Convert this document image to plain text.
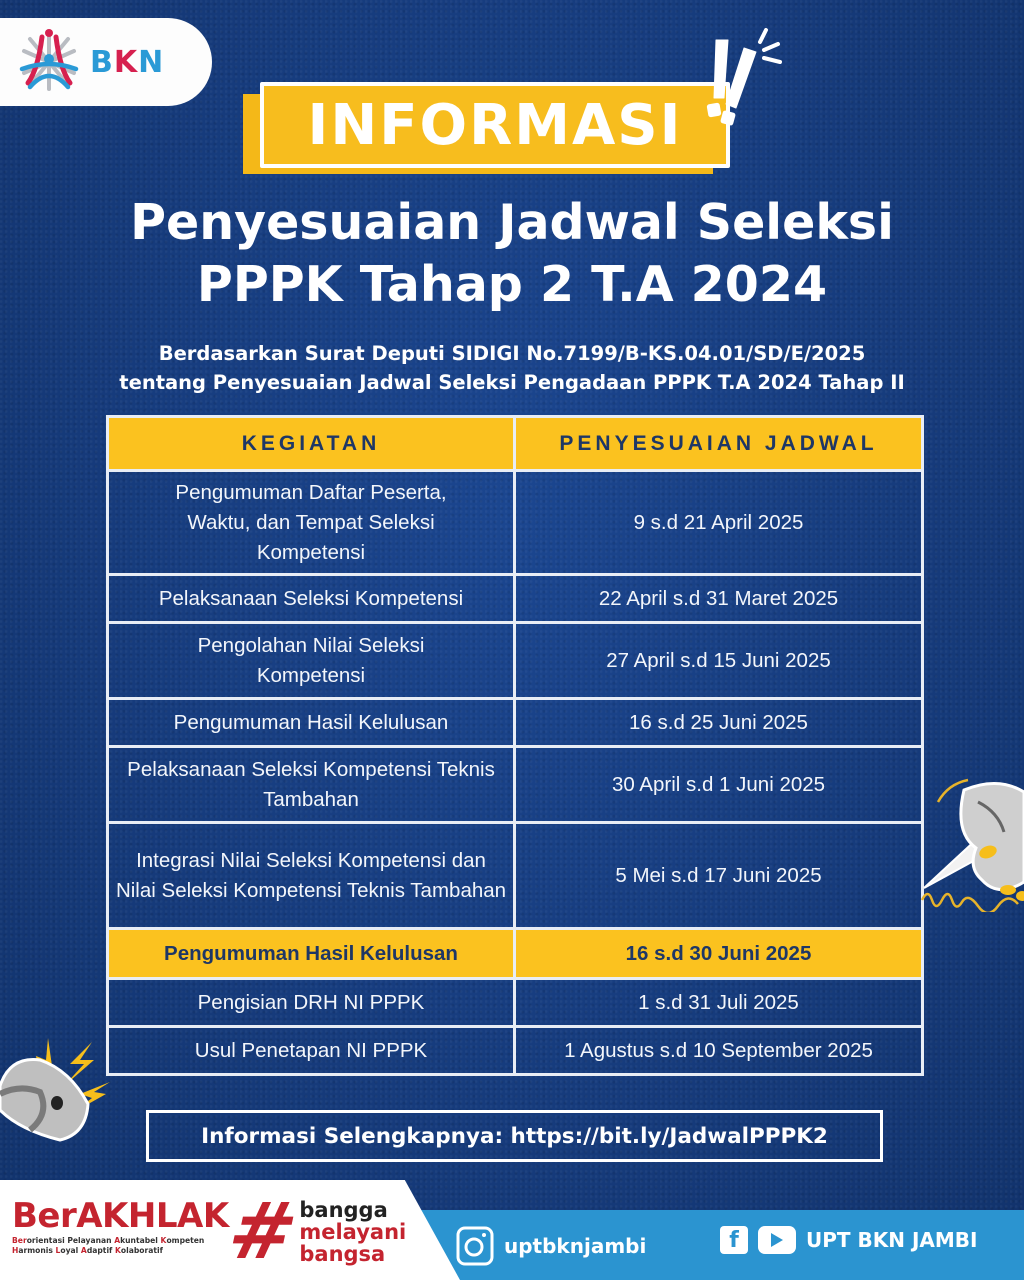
BKN
INFORMASI
Penyesuaian Jadwal Seleksi
PPPK Tahap 2 T.A 2024
Berdasarkan Surat Deputi SIDIGI No.7199/B-KS.04.01/SD/E/2025
tentang Penyesuaian Jadwal Seleksi Pengadaan PPPK T.A 2024 Tahap II
KEGIATAN	PENYESUAIAN JADWAL
Pengumuman Daftar Peserta, Waktu, dan Tempat Seleksi Kompetensi	9 s.d 21 April 2025
Pelaksanaan Seleksi Kompetensi	22 April s.d 31 Maret 2025
Pengolahan Nilai Seleksi Kompetensi	27 April s.d 15 Juni 2025
Pengumuman Hasil Kelulusan	16 s.d 25 Juni 2025
Pelaksanaan Seleksi Kompetensi Teknis Tambahan	30 April s.d 1 Juni 2025
Integrasi Nilai Seleksi Kompetensi dan Nilai Seleksi Kompetensi Teknis Tambahan	5 Mei s.d 17 Juni 2025
Pengumuman Hasil Kelulusan	16 s.d 30 Juni 2025
Pengisian DRH NI PPPK	1 s.d 31 Juli 2025
Usul Penetapan NI PPPK	1 Agustus s.d 10 September 2025
Informasi Selengkapnya: https://bit.ly/JadwalPPPK2
BerAKHLAK
Berorientasi Pelayanan Akuntabel Kompeten
Harmonis Loyal Adaptif Kolaboratif #
bangga
melayani
bangsa	uptbknjambi	f	UPT BKN JAMBI
